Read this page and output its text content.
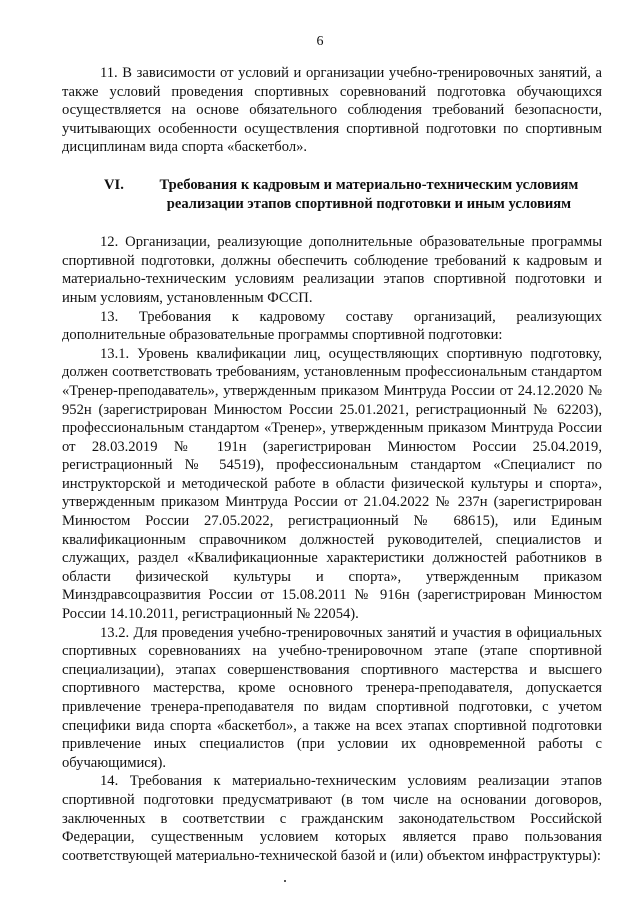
6

11. В зависимости от условий и организации учебно-тренировочных занятий, а также условий проведения спортивных соревнований подготовка обучающихся осуществляется на основе обязательного соблюдения требований безопасности, учитывающих особенности осуществления спортивной подготовки по спортивным дисциплинам вида спорта «баскетбол».

VI.	Требования к кадровым и материально-техническим условиям реализации этапов спортивной подготовки и иным условиям

12. Организации, реализующие дополнительные образовательные программы спортивной подготовки, должны обеспечить соблюдение требований к кадровым и материально-техническим условиям реализации этапов спортивной подготовки и иным условиям, установленным ФССП.

13. Требования к кадровому составу организаций, реализующих дополнительные образовательные программы спортивной подготовки:

13.1. Уровень квалификации лиц, осуществляющих спортивную подготовку, должен соответствовать требованиям, установленным профессиональным стандартом «Тренер-преподаватель», утвержденным приказом Минтруда России от 24.12.2020 № 952н (зарегистрирован Минюстом России 25.01.2021, регистрационный № 62203), профессиональным стандартом «Тренер», утвержденным приказом Минтруда России от 28.03.2019 № 191н (зарегистрирован Минюстом России 25.04.2019, регистрационный № 54519), профессиональным стандартом «Специалист по инструкторской и методической работе в области физической культуры и спорта», утвержденным приказом Минтруда России от 21.04.2022 № 237н (зарегистрирован Минюстом России 27.05.2022, регистрационный № 68615), или Единым квалификационным справочником должностей руководителей, специалистов и служащих, раздел «Квалификационные характеристики должностей работников в области физической культуры и спорта», утвержденным приказом Минздравсоцразвития России от 15.08.2011 № 916н (зарегистрирован Минюстом России 14.10.2011, регистрационный № 22054).

13.2. Для проведения учебно-тренировочных занятий и участия в официальных спортивных соревнованиях на учебно-тренировочном этапе (этапе спортивной специализации), этапах совершенствования спортивного мастерства и высшего спортивного мастерства, кроме основного тренера-преподавателя, допускается привлечение тренера-преподавателя по видам спортивной подготовки, с учетом специфики вида спорта «баскетбол», а также на всех этапах спортивной подготовки привлечение иных специалистов (при условии их одновременной работы с обучающимися).

14. Требования к материально-техническим условиям реализации этапов спортивной подготовки предусматривают (в том числе на основании договоров, заключенных в соответствии с гражданским законодательством Российской Федерации, существенным условием которых является право пользования соответствующей материально-технической базой и (или) объектом инфраструктуры):
